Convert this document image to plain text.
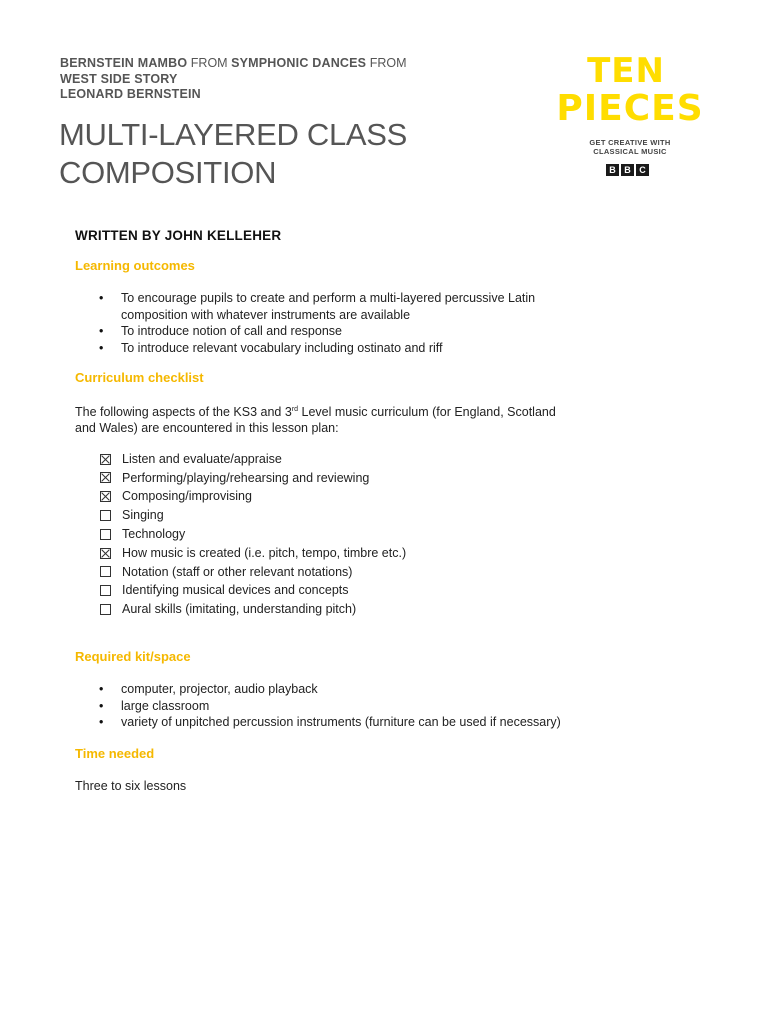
BERNSTEIN MAMBO FROM SYMPHONIC DANCES FROM
WEST SIDE STORY
LEONARD BERNSTEIN
MULTI-LAYERED CLASS
COMPOSITION
TEN
PIECES
GET CREATIVE WITH
CLASSICAL MUSIC
B B C

WRITTEN BY JOHN KELLEHER

Learning outcomes
• To encourage pupils to create and perform a multi-layered percussive Latin composition with whatever instruments are available
• To introduce notion of call and response
• To introduce relevant vocabulary including ostinato and riff
Curriculum checklist

The following aspects of the KS3 and 3rd Level music curriculum (for England, Scotland and Wales) are encountered in this lesson plan:

Listen and evaluate/appraise
Performing/playing/rehearsing and reviewing
Composing/improvising
Singing
Technology
How music is created (i.e. pitch, tempo, timbre etc.)
Notation (staff or other relevant notations)
Identifying musical devices and concepts
Aural skills (imitating, understanding pitch)
Required kit/space
• computer, projector, audio playback
• large classroom
• variety of unpitched percussion instruments (furniture can be used if necessary)
Time needed

Three to six lessons
